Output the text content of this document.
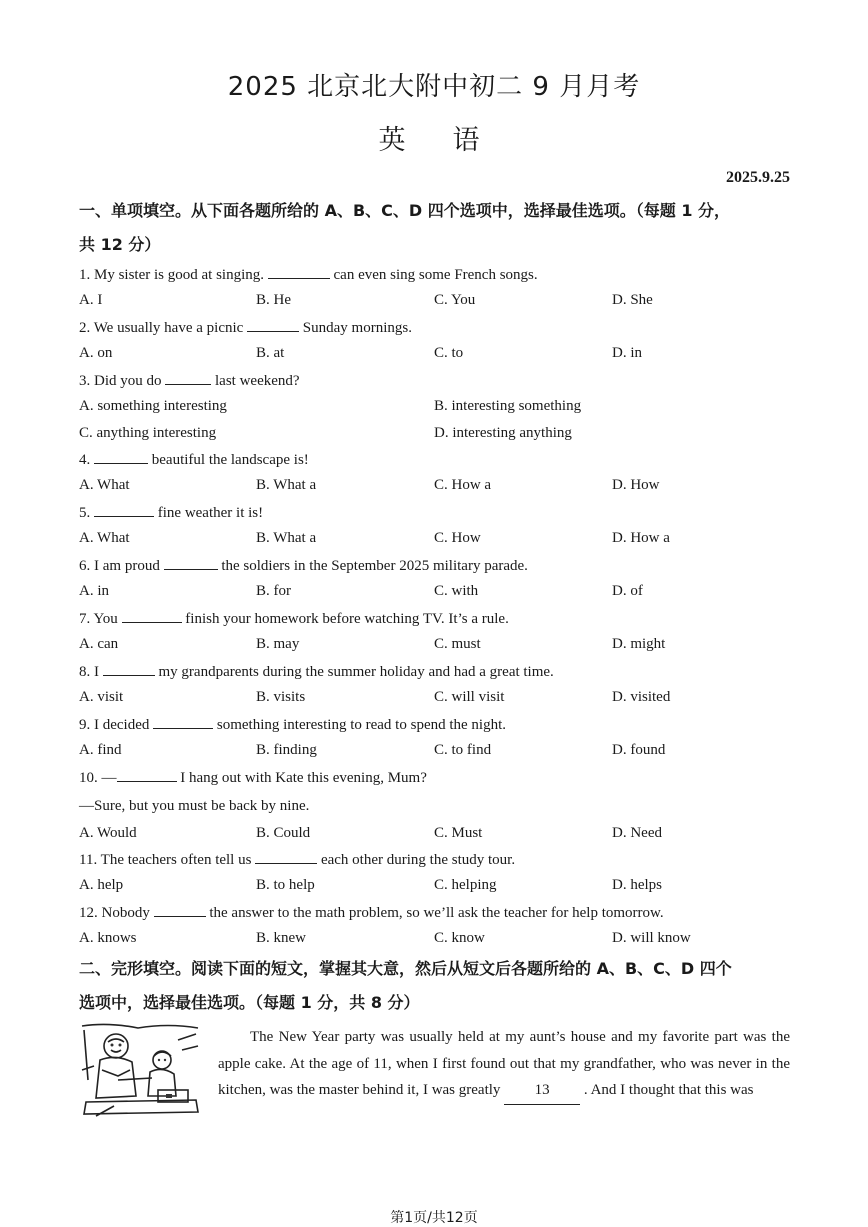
2025 北京北大附中初二 9 月月考
英　语
2025.9.25
一、单项填空。从下面各题所给的 A、B、C、D 四个选项中，选择最佳选项。（每题 1 分，
共 12 分）
1. My sister is good at singing.	can even sing some French songs.
A. I	B. He	C. You	D. She
2. We usually have a picnic	Sunday mornings.
A. on	B. at	C. to	D. in
3. Did you do	last weekend?
A. something interesting	B. interesting something
C. anything interesting	D. interesting anything
4.	beautiful the landscape is!
A. What	B. What a	C. How a	D. How
5.	fine weather it is!
A. What	B. What a	C. How	D. How a
6. I am proud	the soldiers in the September 2025 military parade.
A. in	B. for	C. with	D. of
7. You	finish your homework before watching TV. It’s a rule.
A. can	B. may	C. must	D. might
8. I	my grandparents during the summer holiday and had a great time.
A. visit	B. visits	C. will visit	D. visited
9. I decided	something interesting to read to spend the night.
A. find	B. finding	C. to find	D. found
10. —	I hang out with Kate this evening, Mum?
—Sure, but you must be back by nine.
A. Would	B. Could	C. Must	D. Need
11. The teachers often tell us	each other during the study tour.
A. help	B. to help	C. helping	D. helps
12. Nobody	the answer to the math problem, so we’ll ask the teacher for help tomorrow.
A. knows	B. knew	C. know	D. will know
二、完形填空。阅读下面的短文，掌握其大意，然后从短文后各题所给的 A、B、C、D 四个
选项中，选择最佳选项。（每题 1 分，共 8 分）
The New Year party was usually held at my aunt’s house and my favorite part was the apple cake. At the age of 11, when I first found out that my grandfather, who was never in the kitchen, was the master behind it, I was greatly 13 . And I thought that this was
第1页/共12页
